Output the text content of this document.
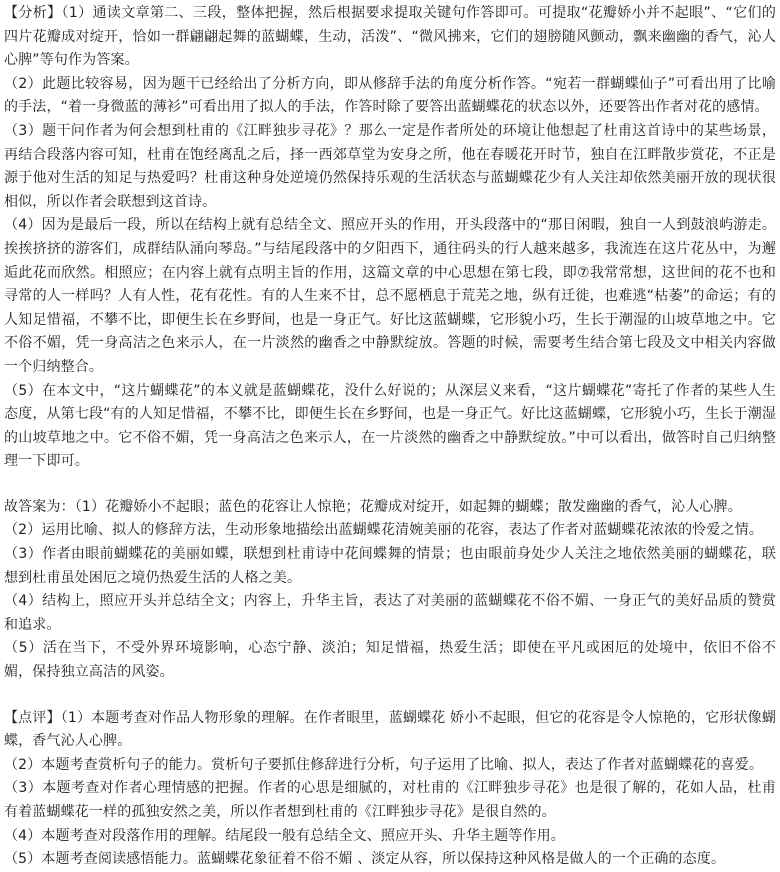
【分析】（1）通读文章第二、三段，整体把握，然后根据要求提取关键句作答即可。可提取“花瓣娇小并不起眼”、“它们的四片花瓣成对绽开，恰如一群翩翩起舞的蓝蝴蝶，生动，活泼”、“微风拂来，它们的翅膀随风颤动，飘来幽幽的香气，沁人心脾”等句作为答案。

（2）此题比较容易，因为题干已经给出了分析方向，即从修辞手法的角度分析作答。“宛若一群蝴蝶仙子”可看出用了比喻的手法，“着一身微蓝的薄衫”可看出用了拟人的手法，作答时除了要答出蓝蝴蝶花的状态以外，还要答出作者对花的感情。

（3）题干问作者为何会想到杜甫的《江畔独步寻花》？那么一定是作者所处的环境让他想起了杜甫这首诗中的某些场景，再结合段落内容可知，杜甫在饱经离乱之后，择一西郊草堂为安身之所，他在春暖花开时节，独自在江畔散步赏花，不正是源于他对生活的知足与热爱吗？杜甫这种身处逆境仍然保持乐观的生活状态与蓝蝴蝶花少有人关注却依然美丽开放的现状很相似，所以作者会联想到这首诗。

（4）因为是最后一段，所以在结构上就有总结全文、照应开头的作用，开头段落中的“那日闲暇，独自一人到鼓浪屿游走。挨挨挤挤的游客们，成群结队涌向琴岛。”与结尾段落中的夕阳西下，通往码头的行人越来越多，我流连在这片花丛中，为邂逅此花而欣然。相照应；在内容上就有点明主旨的作用，这篇文章的中心思想在第七段，即⑦我常常想，这世间的花不也和寻常的人一样吗？人有人性，花有花性。有的人生来不甘，总不愿栖息于荒芜之地，纵有迁徙，也难逃“枯萎”的命运；有的人知足惜福，不攀不比，即便生长在乡野间，也是一身正气。好比这蓝蝴蝶，它形貌小巧，生长于潮湿的山坡草地之中。它不俗不媚，凭一身高洁之色来示人，在一片淡然的幽香之中静默绽放。答题的时候，需要考生结合第七段及文中相关内容做一个归纳整合。

（5）在本文中，“这片蝴蝶花”的本义就是蓝蝴蝶花，没什么好说的；从深层义来看，“这片蝴蝶花”寄托了作者的某些人生态度，从第七段“有的人知足惜福，不攀不比，即便生长在乡野间，也是一身正气。好比这蓝蝴蝶，它形貌小巧，生长于潮湿的山坡草地之中。它不俗不媚，凭一身高洁之色来示人，在一片淡然的幽香之中静默绽放。”中可以看出，做答时自己归纳整理一下即可。

故答案为：（1）花瓣娇小不起眼；蓝色的花容让人惊艳；花瓣成对绽开，如起舞的蝴蝶；散发幽幽的香气，沁人心脾。

（2）运用比喻、拟人的修辞方法，生动形象地描绘出蓝蝴蝶花清婉美丽的花容，表达了作者对蓝蝴蝶花浓浓的怜爱之情。

（3）作者由眼前蝴蝶花的美丽如蝶，联想到杜甫诗中花间蝶舞的情景；也由眼前身处少人关注之地依然美丽的蝴蝶花，联想到杜甫虽处困厄之境仍热爱生活的人格之美。

（4）结构上，照应开头并总结全文；内容上，升华主旨，表达了对美丽的蓝蝴蝶花不俗不媚、一身正气的美好品质的赞赏和追求。

（5）活在当下，不受外界环境影响，心态宁静、淡泊；知足惜福，热爱生活；即使在平凡或困厄的处境中，依旧不俗不媚，保持独立高洁的风姿。

【点评】（1）本题考查对作品人物形象的理解。在作者眼里，蓝蝴蝶花 娇小不起眼，但它的花容是令人惊艳的，它形状像蝴蝶，香气沁人心脾。

（2）本题考查赏析句子的能力。赏析句子要抓住修辞进行分析，句子运用了比喻、拟人，表达了作者对蓝蝴蝶花的喜爱。

（3）本题考查对作者心理情感的把握。作者的心思是细腻的，对杜甫的《江畔独步寻花》也是很了解的，花如人品，杜甫有着蓝蝴蝶花一样的孤独安然之美，所以作者想到杜甫的《江畔独步寻花》是很自然的。

（4）本题考查对段落作用的理解。结尾段一般有总结全文、照应开头、升华主题等作用。

（5）本题考查阅读感悟能力。蓝蝴蝶花象征着不俗不媚 、淡定从容，所以保持这种风格是做人的一个正确的态度。
